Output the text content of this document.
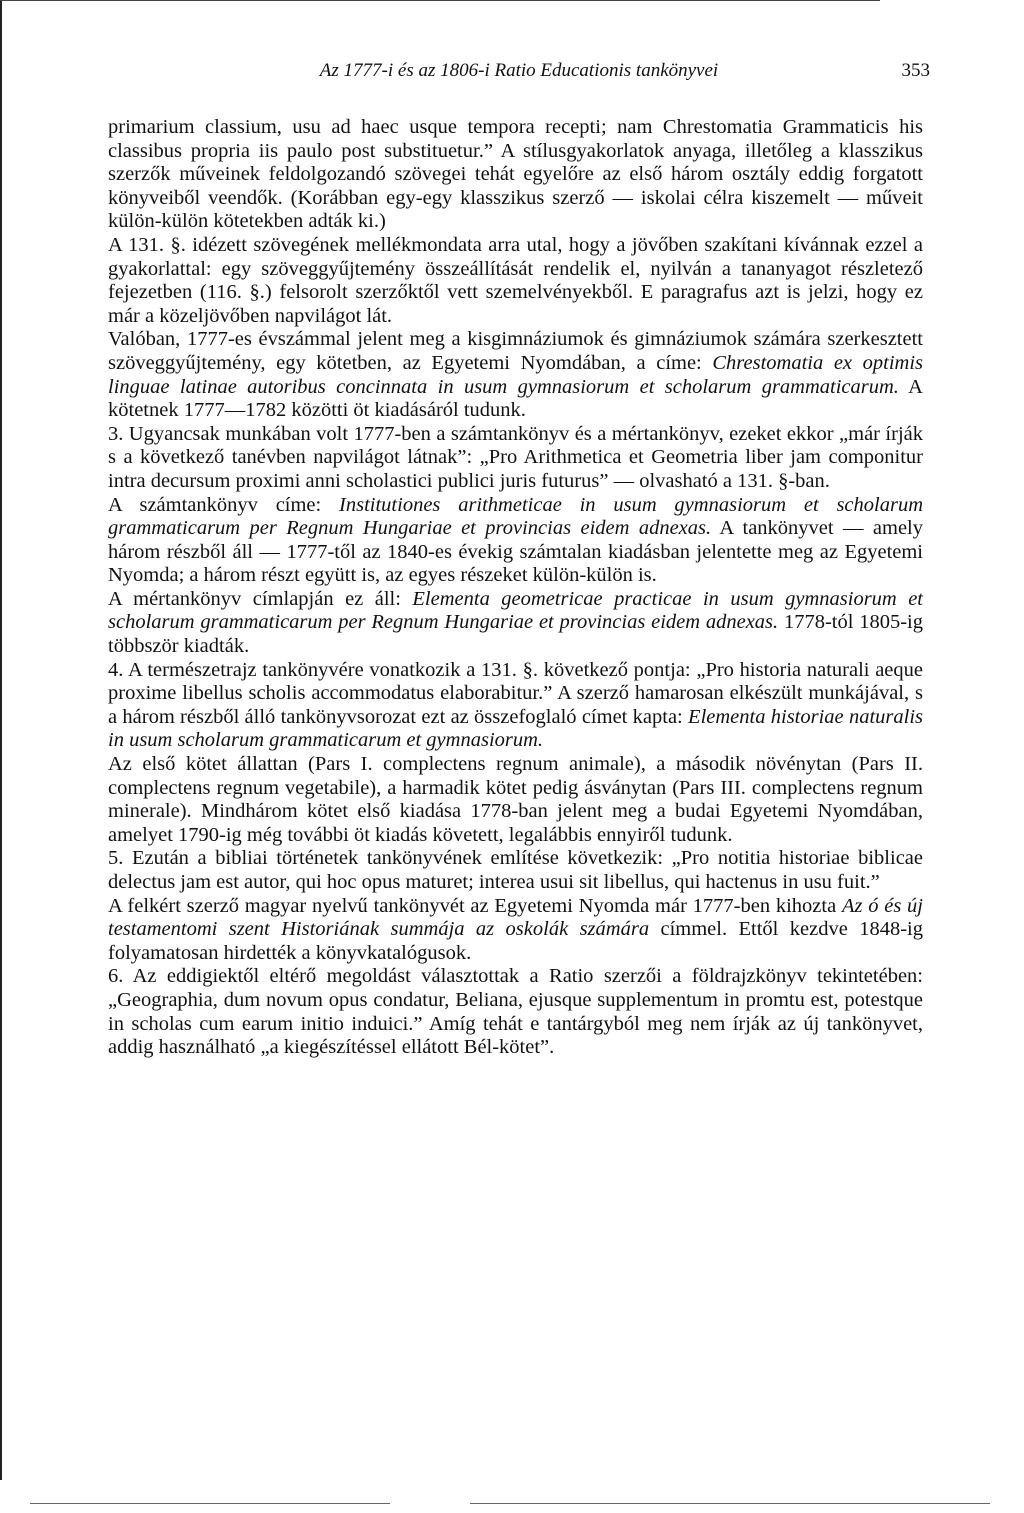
Az 1777-i és az 1806-i Ratio Educationis tankönyvei	353

primarium classium, usu ad haec usque tempora recepti; nam Chrestomatia Grammaticis his classibus propria iis paulo post substituetur.” A stílusgyakorlatok anyaga, illetőleg a klasszikus szerzők műveinek feldolgozandó szövegei tehát egyelőre az első három osztály eddig forgatott könyveiből veendők. (Korábban egy-egy klasszikus szerző — iskolai célra kiszemelt — műveit külön-külön kötetekben adták ki.)

A 131. §. idézett szövegének mellékmondata arra utal, hogy a jövőben szakítani kívánnak ezzel a gyakorlattal: egy szöveggyűjtemény összeállítását rendelik el, nyilván a tananyagot részletező fejezetben (116. §.) felsorolt szerzőktől vett szemelvényekből. E paragrafus azt is jelzi, hogy ez már a közeljövőben napvilágot lát.

Valóban, 1777-es évszámmal jelent meg a kisgimnáziumok és gimnáziumok számára szerkesztett szöveggyűjtemény, egy kötetben, az Egyetemi Nyomdában, a címe: Chrestomatia ex optimis linguae latinae autoribus concinnata in usum gymnasiorum et scholarum grammaticarum. A kötetnek 1777—1782 közötti öt kiadásáról tudunk.

3. Ugyancsak munkában volt 1777-ben a számtankönyv és a mértankönyv, ezeket ekkor „már írják s a következő tanévben napvilágot látnak”: „Pro Arithmetica et Geometria liber jam componitur intra decursum proximi anni scholastici publici juris futurus” — olvasható a 131. §-ban.

A számtankönyv címe: Institutiones arithmeticae in usum gymnasiorum et scholarum grammaticarum per Regnum Hungariae et provincias eidem adnexas. A tankönyvet — amely három részből áll — 1777-től az 1840-es évekig számtalan kiadásban jelentette meg az Egyetemi Nyomda; a három részt együtt is, az egyes részeket külön-külön is.

A mértankönyv címlapján ez áll: Elementa geometricae practicae in usum gymnasiorum et scholarum grammaticarum per Regnum Hungariae et provincias eidem adnexas. 1778-tól 1805-ig többször kiadták.

4. A természetrajz tankönyvére vonatkozik a 131. §. következő pontja: „Pro historia naturali aeque proxime libellus scholis accommodatus elaborabitur.” A szerző hamarosan elkészült munkájával, s a három részből álló tankönyvsorozat ezt az összefoglaló címet kapta: Elementa historiae naturalis in usum scholarum grammaticarum et gymnasiorum.

Az első kötet állattan (Pars I. complectens regnum animale), a második növénytan (Pars II. complectens regnum vegetabile), a harmadik kötet pedig ásványtan (Pars III. complectens regnum minerale). Mindhárom kötet első kiadása 1778-ban jelent meg a budai Egyetemi Nyomdában, amelyet 1790-ig még további öt kiadás követett, legalábbis ennyiről tudunk.

5. Ezután a bibliai történetek tankönyvének említése következik: „Pro notitia historiae biblicae delectus jam est autor, qui hoc opus maturet; interea usui sit libellus, qui hactenus in usu fuit.”

A felkért szerző magyar nyelvű tankönyvét az Egyetemi Nyomda már 1777-ben kihozta Az ó és új testamentomi szent Historiának summája az oskolák számára címmel. Ettől kezdve 1848-ig folyamatosan hirdették a könyvkatalógusok.

6. Az eddigiektől eltérő megoldást választottak a Ratio szerzői a földrajzkönyv tekintetében: „Geographia, dum novum opus condatur, Beliana, ejusque supplementum in promtu est, potestque in scholas cum earum initio induici.” Amíg tehát e tantárgyból meg nem írják az új tankönyvet, addig használható „a kiegészítéssel ellátott Bél-kötet”.
